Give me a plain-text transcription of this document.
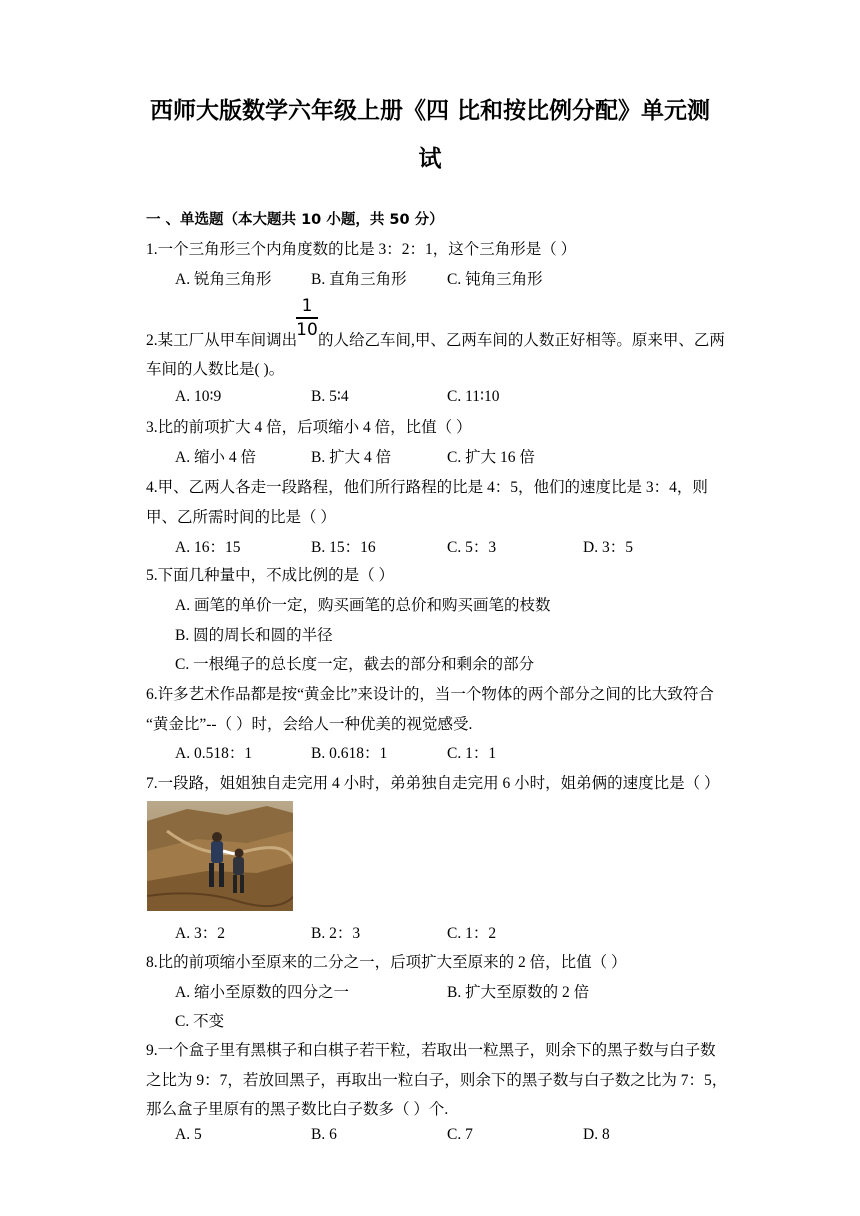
西师大版数学六年级上册《四 比和按比例分配》单元测
试
一 、单选题（本大题共 10 小题，共 50 分）
1.一个三角形三个内角度数的比是 3：2：1，这个三角形是（ ）
A. 锐角三角形	B. 直角三角形	C. 钝角三角形
2.某工厂从甲车间调出
1
10
的人给乙车间,甲、乙两车间的人数正好相等。原来甲、乙两
车间的人数比是( )。
A. 10∶9	B. 5∶4	C. 11∶10
3.比的前项扩大 4 倍，后项缩小 4 倍，比值（ ）
A. 缩小 4 倍	B. 扩大 4 倍	C. 扩大 16 倍
4.甲、乙两人各走一段路程，他们所行路程的比是 4：5，他们的速度比是 3：4，则
甲、乙所需时间的比是（ ）
A. 16：15	B. 15：16	C. 5：3	D. 3：5
5.下面几种量中，不成比例的是（ ）
A. 画笔的单价一定，购买画笔的总价和购买画笔的枝数
B. 圆的周长和圆的半径
C. 一根绳子的总长度一定，截去的部分和剩余的部分
6.许多艺术作品都是按“黄金比”来设计的，当一个物体的两个部分之间的比大致符合
“黄金比”--（ ）时，会给人一种优美的视觉感受.
A. 0.518：1	B. 0.618：1	C. 1：1
7.一段路，姐姐独自走完用 4 小时，弟弟独自走完用 6 小时，姐弟俩的速度比是（ ）
A. 3：2	B. 2：3	C. 1：2
8.比的前项缩小至原来的二分之一，后项扩大至原来的 2 倍，比值（ ）
A. 缩小至原数的四分之一	B. 扩大至原数的 2 倍
C. 不变
9.一个盒子里有黑棋子和白棋子若干粒，若取出一粒黑子，则余下的黑子数与白子数
之比为 9：7，若放回黑子，再取出一粒白子，则余下的黑子数与白子数之比为 7：5，
那么盒子里原有的黑子数比白子数多（ ）个.
A. 5	B. 6	C. 7	D. 8
